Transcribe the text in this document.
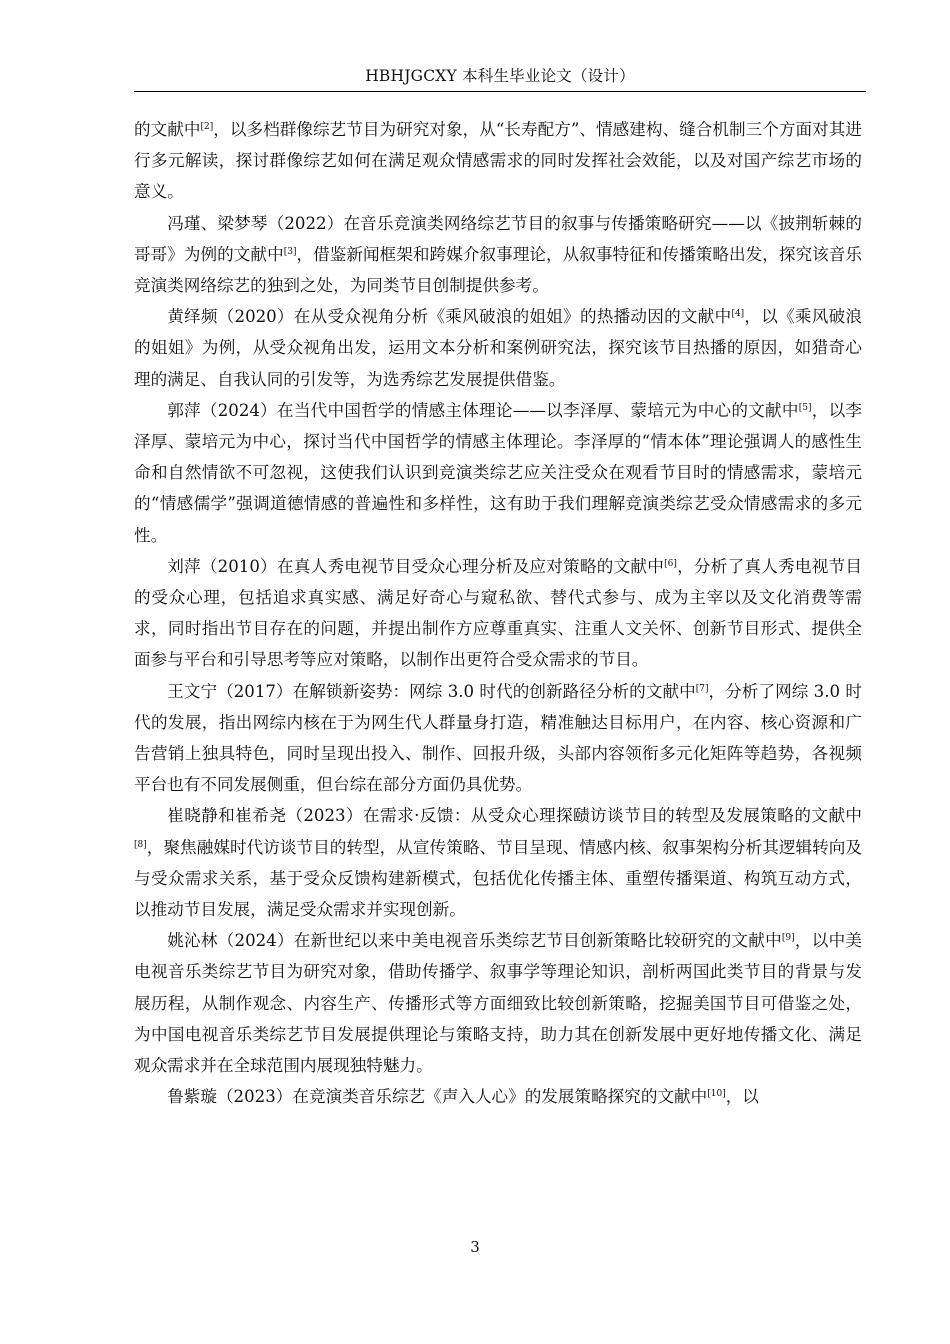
HBHJGCXY 本科生毕业论文（设计）

的文献中[2]，以多档群像综艺节目为研究对象，从“长寿配方”、情感建构、缝合机制三个方面对其进行多元解读，探讨群像综艺如何在满足观众情感需求的同时发挥社会效能，以及对国产综艺市场的意义。

冯瑾、梁梦琴（2022）在音乐竞演类网络综艺节目的叙事与传播策略研究——以《披荆斩棘的哥哥》为例的文献中[3]，借鉴新闻框架和跨媒介叙事理论，从叙事特征和传播策略出发，探究该音乐竞演类网络综艺的独到之处，为同类节目创制提供参考。

黄绎频（2020）在从受众视角分析《乘风破浪的姐姐》的热播动因的文献中[4]，以《乘风破浪的姐姐》为例，从受众视角出发，运用文本分析和案例研究法，探究该节目热播的原因，如猎奇心理的满足、自我认同的引发等，为选秀综艺发展提供借鉴。

郭萍（2024）在当代中国哲学的情感主体理论——以李泽厚、蒙培元为中心的文献中[5]，以李泽厚、蒙培元为中心，探讨当代中国哲学的情感主体理论。李泽厚的“情本体”理论强调人的感性生命和自然情欲不可忽视，这使我们认识到竞演类综艺应关注受众在观看节目时的情感需求，蒙培元的“情感儒学”强调道德情感的普遍性和多样性，这有助于我们理解竞演类综艺受众情感需求的多元性。

刘萍（2010）在真人秀电视节目受众心理分析及应对策略的文献中[6]，分析了真人秀电视节目的受众心理，包括追求真实感、满足好奇心与窥私欲、替代式参与、成为主宰以及文化消费等需求，同时指出节目存在的问题，并提出制作方应尊重真实、注重人文关怀、创新节目形式、提供全面参与平台和引导思考等应对策略，以制作出更符合受众需求的节目。

王文宁（2017）在解锁新姿势：网综 3.0 时代的创新路径分析的文献中[7]，分析了网综 3.0 时代的发展，指出网综内核在于为网生代人群量身打造，精准触达目标用户，在内容、核心资源和广告营销上独具特色，同时呈现出投入、制作、回报升级，头部内容领衔多元化矩阵等趋势，各视频平台也有不同发展侧重，但台综在部分方面仍具优势。

崔晓静和崔希尧（2023）在需求·反馈：从受众心理探赜访谈节目的转型及发展策略的文献中[8]，聚焦融媒时代访谈节目的转型，从宣传策略、节目呈现、情感内核、叙事架构分析其逻辑转向及与受众需求关系，基于受众反馈构建新模式，包括优化传播主体、重塑传播渠道、构筑互动方式，以推动节目发展，满足受众需求并实现创新。

姚沁林（2024）在新世纪以来中美电视音乐类综艺节目创新策略比较研究的文献中[9]，以中美电视音乐类综艺节目为研究对象，借助传播学、叙事学等理论知识，剖析两国此类节目的背景与发展历程，从制作观念、内容生产、传播形式等方面细致比较创新策略，挖掘美国节目可借鉴之处，为中国电视音乐类综艺节目发展提供理论与策略支持，助力其在创新发展中更好地传播文化、满足观众需求并在全球范围内展现独特魅力。

鲁紫璇（2023）在竞演类音乐综艺《声入人心》的发展策略探究的文献中[10]，以

3
